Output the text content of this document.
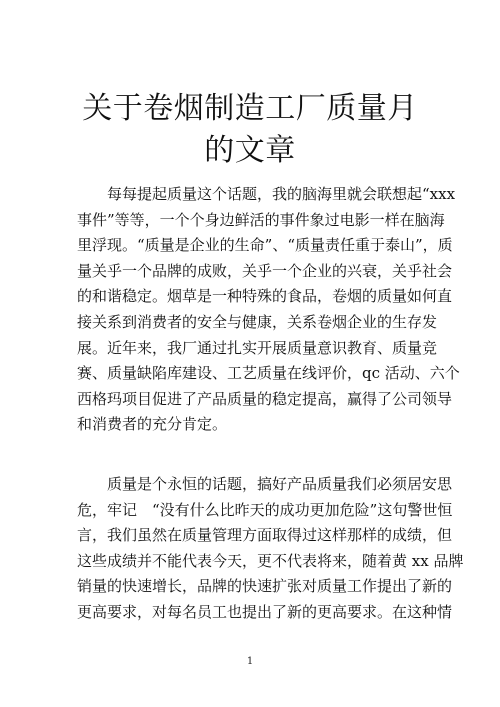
关于卷烟制造工厂质量月
的文章
　　每每提起质量这个话题，我的脑海里就会联想起“xxx
事件”等等，一个个身边鲜活的事件象过电影一样在脑海
里浮现。“质量是企业的生命”、“质量责任重于泰山”，质
量关乎一个品牌的成败，关乎一个企业的兴衰，关乎社会
的和谐稳定。烟草是一种特殊的食品，卷烟的质量如何直
接关系到消费者的安全与健康，关系卷烟企业的生存发
展。近年来，我厂通过扎实开展质量意识教育、质量竞
赛、质量缺陷库建设、工艺质量在线评价，qc 活动、六个
西格玛项目促进了产品质量的稳定提高，赢得了公司领导
和消费者的充分肯定。
　　质量是个永恒的话题，搞好产品质量我们必须居安思
危，牢记　“没有什么比昨天的成功更加危险”这句警世恒
言，我们虽然在质量管理方面取得过这样那样的成绩，但
这些成绩并不能代表今天，更不代表将来，随着黄 xx 品牌
销量的快速增长，品牌的快速扩张对质量工作提出了新的
更高要求，对每名员工也提出了新的更高要求。在这种情
1
